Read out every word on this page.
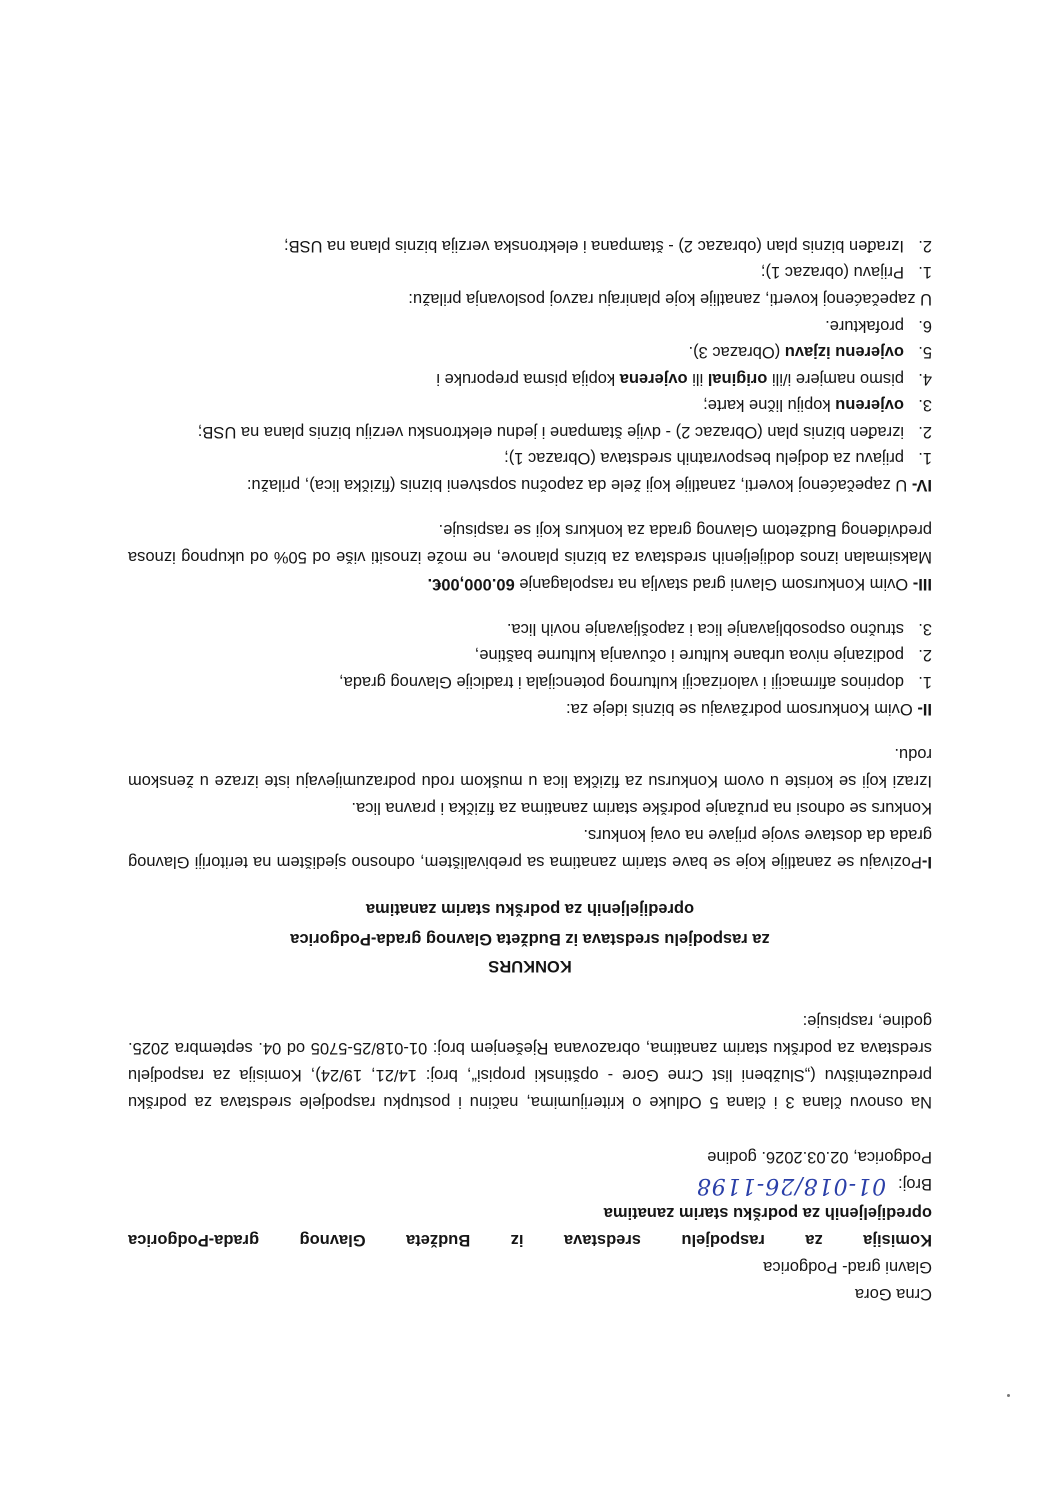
Crna Gora

Glavni grad- Podgorica

Komisija za raspodjelu sredstava iz Budžeta Glavnog grada-Podgorica

opredijeljenih za podršku starim zanatima

Broj:01-018/26-1198

Podgorica, 02.03.2026. godine

Na osnovu člana 3 i člana 5 Odluke o kriterijumima, načinu i postupku raspodjele sredstava za podršku preduzetništvu („Službeni list Crne Gore - opštinski propisi“, broj: 14/21, 19/24), Komisija za raspodjelu sredstava za podršku starim zanatima, obrazovana Rješenjem broj: 01-018/25-5705 od 04. septembra 2025. godine, raspisuje:

KONKURS

za raspodjelu sredstava iz Budžeta Glavnog grada-Podgorica

opredijeljenih za podršku starim zanatima

I-Pozivaju se zanatlije koje se bave starim zanatima sa prebivalištem, odnosno sjedištem na teritoriji Glavnog grada da dostave svoje prijave na ovaj konkurs.

Konkurs se odnosi na pružanje podrške starim zanatima za fizička i pravna lica.

Izrazi koji se koriste u ovom Konkursu za fizička lica u muškom rodu podrazumijevaju iste izraze u ženskom rodu.

II- Ovim Konkursom podržavaju se biznis ideje za:

1.
doprinos afirmaciji i valorizaciji kulturnog potencijala i tradicije Glavnog grada,
2.
podizanje nivoa urbane kulture i očuvanja kulturne baštine,
3.
stručno osposobljavanje lica i zapošljavanje novih lica.

III- Ovim Konkursom Glavni grad stavlja na raspolaganje 60.000,00€.

Maksimalan iznos dodijeljenih sredstava za biznis planove, ne može iznositi više od 50% od ukupnog iznosa predviđenog Budžetom Glavnog grada za konkurs koji se raspisuje.

IV- U zapečaćenoj koverti, zanatlije koji žele da započnu sopstveni biznis (fizička lica), prilažu:

1.
prijavu za dodjelu bespovratnih sredstava (Obrazac 1);
2.
izrađen biznis plan (Obrazac 2) - dvije štampane i jednu elektronsku verziju biznis plana na USB;
3.
ovjerenu kopiju lične karte;
4.
pismo namjere i/ili original ili ovjerena kopija pisma preporuke i
5.
ovjerenu izjavu (Obrazac 3).
6.
profakture.

U zapečaćenoj koverti, zanatlije koje planiraju razvoj poslovanja prilažu:

1.
Prijavu (obrazac 1);
2.
Izrađen biznis plan (obrazac 2) - štampana i elektronska verzija biznis plana na USB;
